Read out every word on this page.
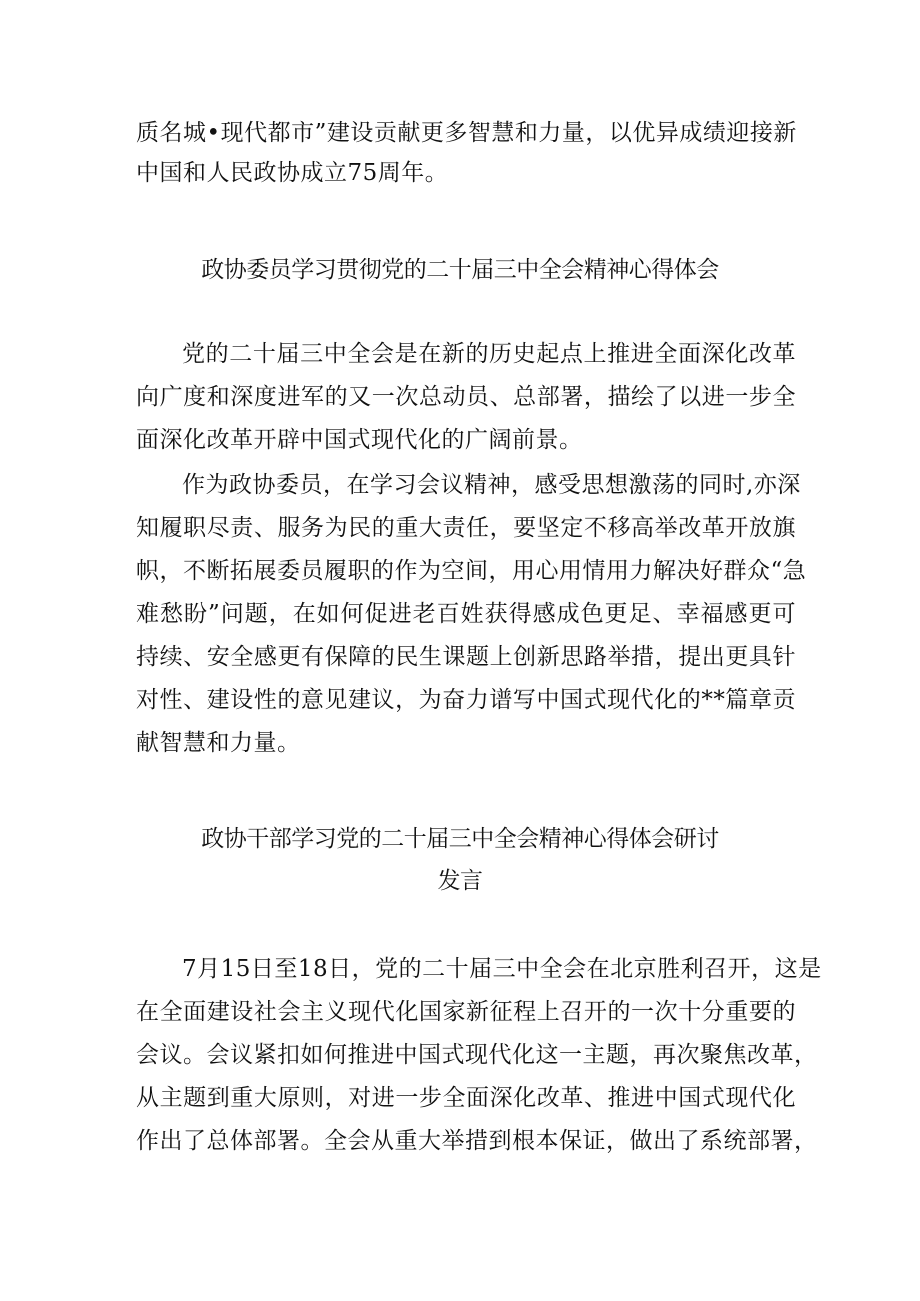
质名城•现代都市”建设贡献更多智慧和力量，以优异成绩迎接新
中国和人民政协成立75周年。
政协委员学习贯彻党的二十届三中全会精神心得体会
党的二十届三中全会是在新的历史起点上推进全面深化改革
向广度和深度进军的又一次总动员、总部署，描绘了以进一步全
面深化改革开辟中国式现代化的广阔前景。
作为政协委员，在学习会议精神，感受思想激荡的同时,亦深
知履职尽责、服务为民的重大责任，要坚定不移高举改革开放旗
帜，不断拓展委员履职的作为空间，用心用情用力解决好群众“急
难愁盼”问题，在如何促进老百姓获得感成色更足、幸福感更可
持续、安全感更有保障的民生课题上创新思路举措，提出更具针
对性、建设性的意见建议，为奋力谱写中国式现代化的**篇章贡
献智慧和力量。
政协干部学习党的二十届三中全会精神心得体会研讨
发言
7月15日至18日，党的二十届三中全会在北京胜利召开，这是
在全面建设社会主义现代化国家新征程上召开的一次十分重要的
会议。会议紧扣如何推进中国式现代化这一主题，再次聚焦改革，
从主题到重大原则，对进一步全面深化改革、推进中国式现代化
作出了总体部署。全会从重大举措到根本保证，做出了系统部署，
